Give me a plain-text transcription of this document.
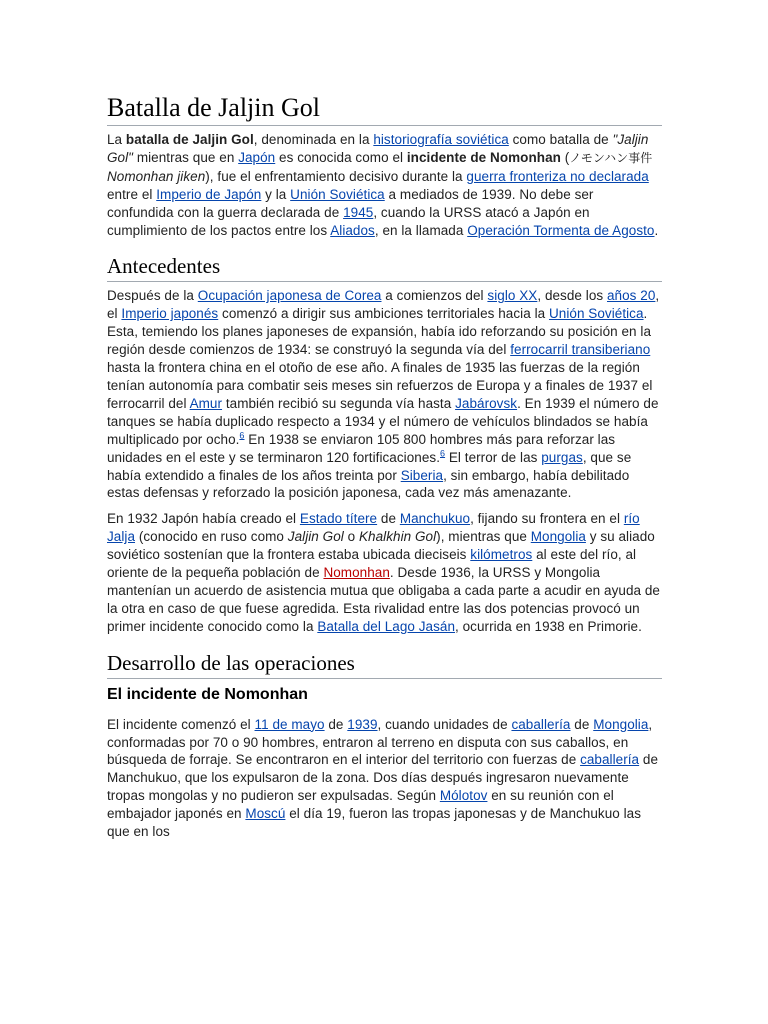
Batalla de Jaljin Gol

La batalla de Jaljin Gol, denominada en la historiografía soviética como batalla de "Jaljin Gol" mientras que en Japón es conocida como el incidente de Nomonhan (ノモンハン事件 Nomonhan jiken), fue el enfrentamiento decisivo durante la guerra fronteriza no declarada entre el Imperio de Japón y la Unión Soviética a mediados de 1939. No debe ser confundida con la guerra declarada de 1945, cuando la URSS atacó a Japón en cumplimiento de los pactos entre los Aliados, en la llamada Operación Tormenta de Agosto.

Antecedentes

Después de la Ocupación japonesa de Corea a comienzos del siglo XX, desde los años 20, el Imperio japonés comenzó a dirigir sus ambiciones territoriales hacia la Unión Soviética. Esta, temiendo los planes japoneses de expansión, había ido reforzando su posición en la región desde comienzos de 1934: se construyó la segunda vía del ferrocarril transiberiano hasta la frontera china en el otoño de ese año. A finales de 1935 las fuerzas de la región tenían autonomía para combatir seis meses sin refuerzos de Europa y a finales de 1937 el ferrocarril del Amur también recibió su segunda vía hasta Jabárovsk. En 1939 el número de tanques se había duplicado respecto a 1934 y el número de vehículos blindados se había multiplicado por ocho.$^6$ En 1938 se enviaron 105 800 hombres más para reforzar las unidades en el este y se terminaron 120 fortificaciones.$^6$ El terror de las purgas, que se había extendido a finales de los años treinta por Siberia, sin embargo, había debilitado estas defensas y reforzado la posición japonesa, cada vez más amenazante.

En 1932 Japón había creado el Estado títere de Manchukuo, fijando su frontera en el río Jalja (conocido en ruso como Jaljin Gol o Khalkhin Gol), mientras que Mongolia y su aliado soviético sostenían que la frontera estaba ubicada dieciseis kilómetros al este del río, al oriente de la pequeña población de Nomonhan. Desde 1936, la URSS y Mongolia mantenían un acuerdo de asistencia mutua que obligaba a cada parte a acudir en ayuda de la otra en caso de que fuese agredida. Esta rivalidad entre las dos potencias provocó un primer incidente conocido como la Batalla del Lago Jasán, ocurrida en 1938 en Primorie.

Desarrollo de las operaciones
El incidente de Nomonhan

El incidente comenzó el 11 de mayo de 1939, cuando unidades de caballería de Mongolia, conformadas por 70 o 90 hombres, entraron al terreno en disputa con sus caballos, en búsqueda de forraje. Se encontraron en el interior del territorio con fuerzas de caballería de Manchukuo, que los expulsaron de la zona. Dos días después ingresaron nuevamente tropas mongolas y no pudieron ser expulsadas. Según Mólotov en su reunión con el embajador japonés en Moscú el día 19, fueron las tropas japonesas y de Manchukuo las que en los
